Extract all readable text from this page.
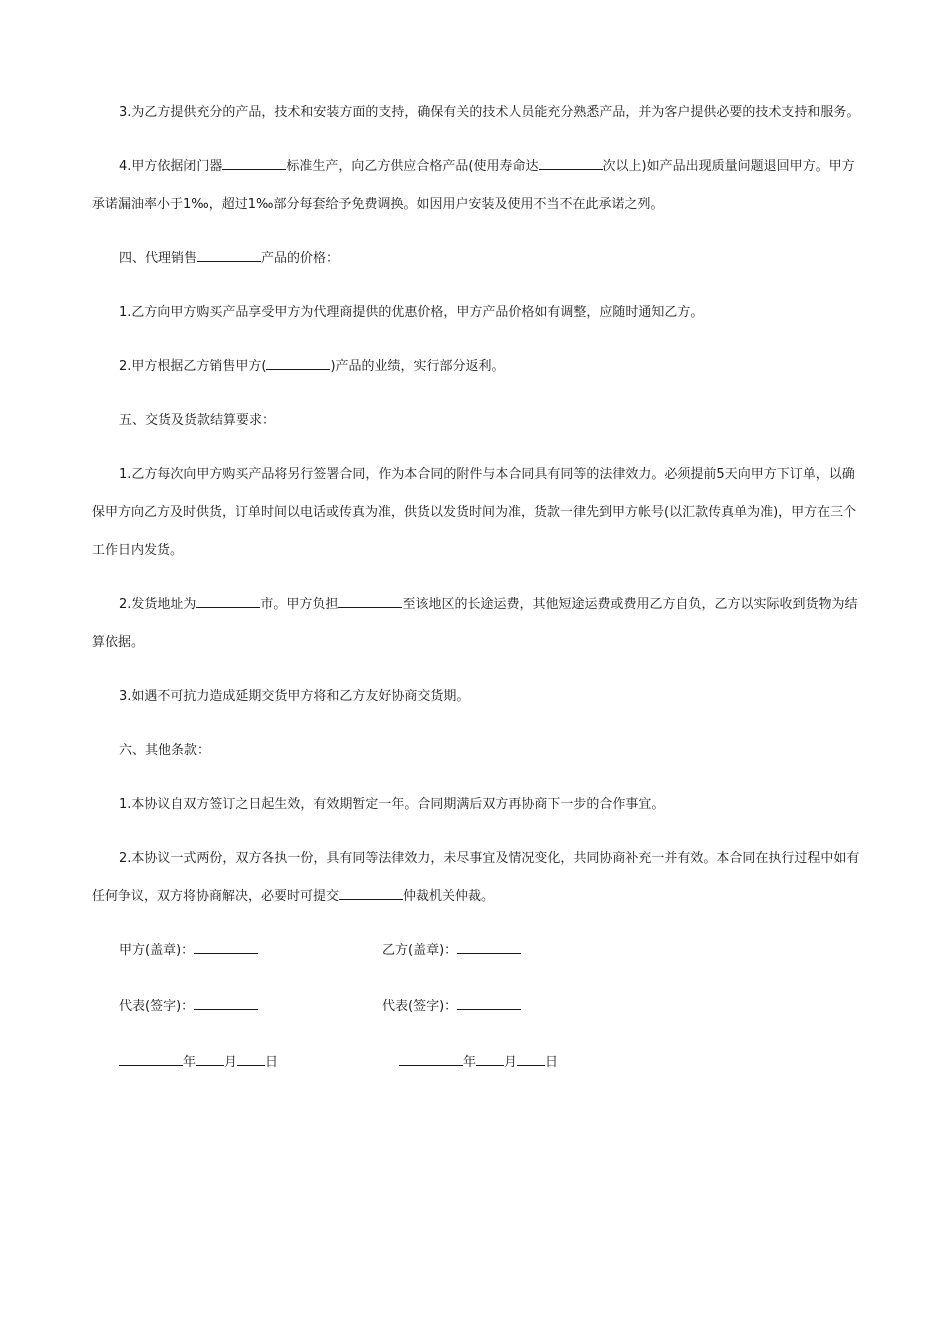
3.为乙方提供充分的产品，技术和安装方面的支持，确保有关的技术人员能充分熟悉产品，并为客户提供必要的技术支持和服务。

4.甲方依据闭门器	标准生产，向乙方供应合格产品(使用寿命达	次以上)如产品出现质量问题退回甲方。甲方承诺漏油率小于1‰，超过1‰部分每套给予免费调换。如因用户安装及使用不当不在此承诺之列。

四、代理销售	产品的价格：

1.乙方向甲方购买产品享受甲方为代理商提供的优惠价格，甲方产品价格如有调整，应随时通知乙方。

2.甲方根据乙方销售甲方(	)产品的业绩，实行部分返利。

五、交货及货款结算要求：

1.乙方每次向甲方购买产品将另行签署合同，作为本合同的附件与本合同具有同等的法律效力。必须提前5天向甲方下订单，以确保甲方向乙方及时供货，订单时间以电话或传真为准，供货以发货时间为准，货款一律先到甲方帐号(以汇款传真单为准)，甲方在三个工作日内发货。

2.发货地址为	市。甲方负担	至该地区的长途运费，其他短途运费或费用乙方自负，乙方以实际收到货物为结算依据。

3.如遇不可抗力造成延期交货甲方将和乙方友好协商交货期。

六、其他条款：

1.本协议自双方签订之日起生效，有效期暂定一年。合同期满后双方再协商下一步的合作事宜。

2.本协议一式两份，双方各执一份，具有同等法律效力，未尽事宜及情况变化，共同协商补充一并有效。本合同在执行过程中如有任何争议，双方将协商解决，必要时可提交	仲裁机关仲裁。

甲方(盖章)：	乙方(盖章)：
代表(签字)：	代表(签字)：
年 月 日	年 月 日
